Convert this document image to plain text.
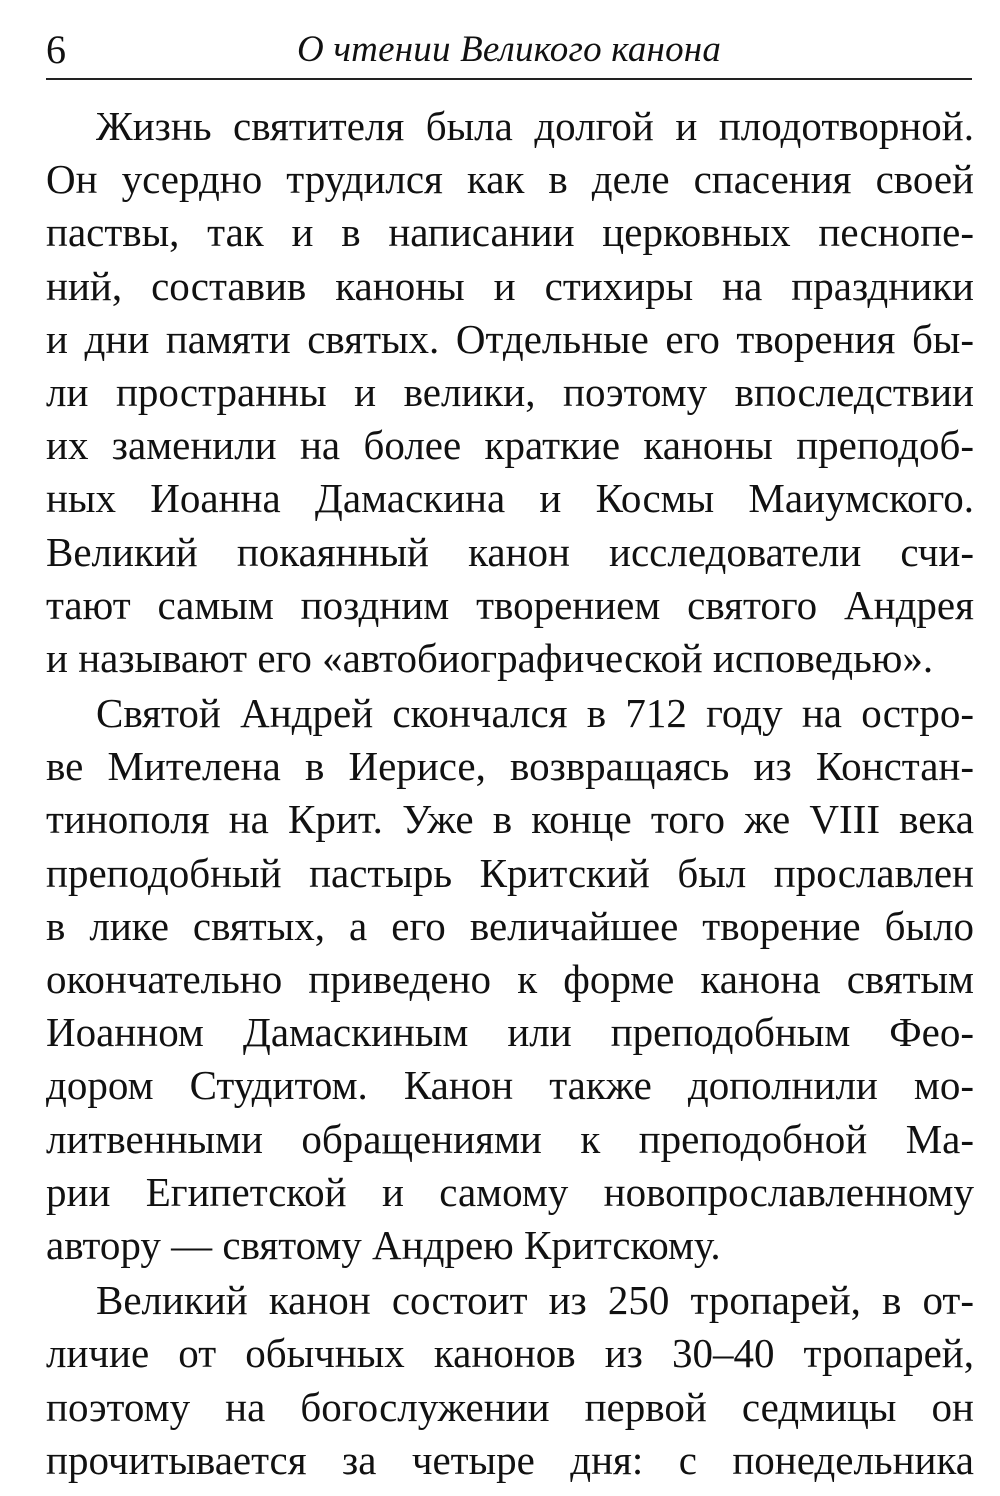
6	О чтении Великого канона
Жизнь святителя была долгой и плодотворной.
Он усердно трудился как в деле спасения своей
паствы, так и в написании церковных песнопе-
ний, составив каноны и стихиры на праздники
и дни памяти святых. Отдельные его творения бы-
ли пространны и велики, поэтому впоследствии
их заменили на более краткие каноны преподоб-
ных Иоанна Дамаскина и Космы Маиумского.
Великий покаянный канон исследователи счи-
тают самым поздним творением святого Андрея
и называют его «автобиографической исповедью».
Святой Андрей скончался в 712 году на остро-
ве Мителена в Иерисе, возвращаясь из Констан-
тинополя на Крит. Уже в конце того же VIII века
преподобный пастырь Критский был прославлен
в лике святых, а его величайшее творение было
окончательно приведено к форме канона святым
Иоанном Дамаскиным или преподобным Фео-
дором Студитом. Канон также дополнили мо-
литвенными обращениями к преподобной Ма-
рии Египетской и самому новопрославленному
автору — святому Андрею Критскому.
Великий канон состоит из 250 тропарей, в от-
личие от обычных канонов из 30–40 тропарей,
поэтому на богослужении первой седмицы он
прочитывается за четыре дня: с понедельника
